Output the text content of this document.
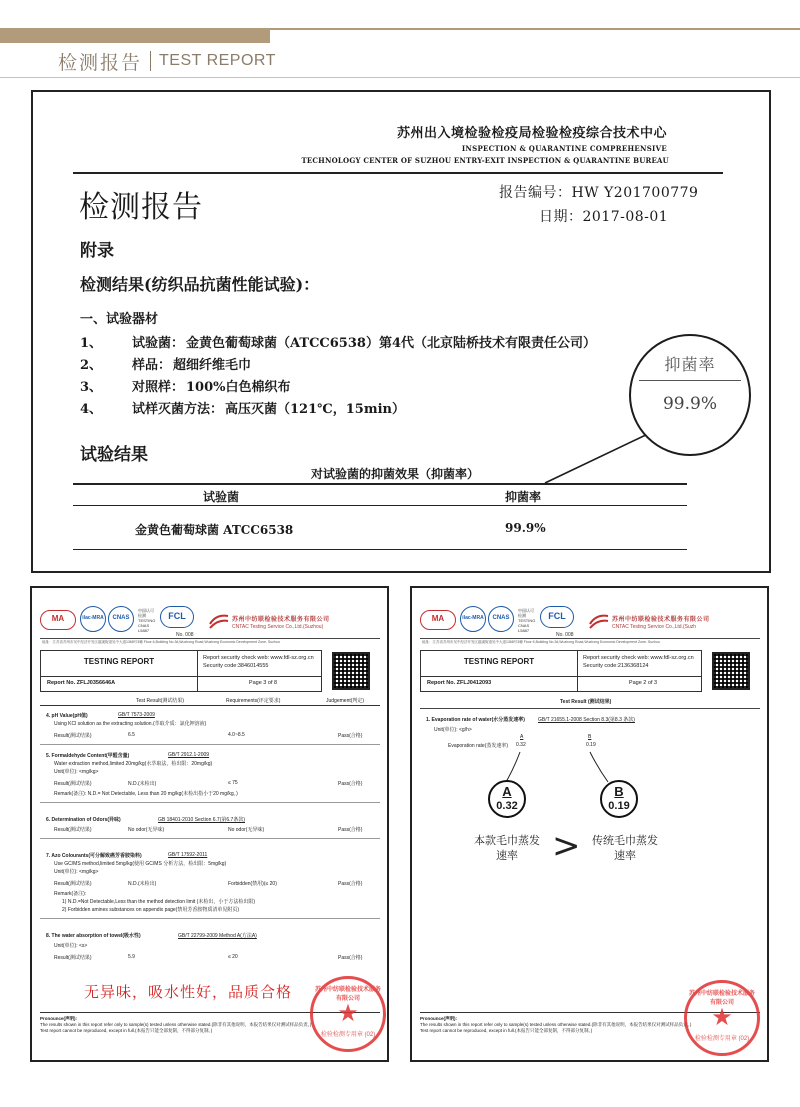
检测报告 TEST REPORT
苏州出入境检验检疫局检验检疫综合技术中心
INSPECTION & QUARANTINE COMPREHENSIVE
TECHNOLOGY CENTER OF SUZHOU ENTRY-EXIT INSPECTION & QUARANTINE BUREAU
检测报告	报告编号：HW Y201700779
日期：2017-08-01
附录
检测结果(纺织品抗菌性能试验)：
一、试验器材
1、	试验菌： 金黄色葡萄球菌（ATCC6538）第4代（北京陆桥技术有限责任公司）
2、	样品： 超细纤维毛巾
3、	对照样： 100%白色棉织布
4、	试样灭菌方法： 高压灭菌（121℃，15min）
试验结果
对试验菌的抑菌效果（抑菌率）
试验菌	抑菌率
金黄色葡萄球菌 ATCC6538	99.9%
抑菌率
99.9%
MA	ilac-MRA	CNAS
中国认可 检测 TESTING CNAS L5887
FCL
No. 008
苏州中纺联检验技术服务有限公司
CNTAC Testing Service Co.,Ltd.(Suzhou)
地址：江苏省苏州市吴中经济开发区越溪街道吴中大道1368号3幢 Floor 6,Building No.3#,Wuzhong Road,Wuzhong Economic Development Zone, Suzhou
TESTING REPORT	Report security check web: www.fdl-sz.org.cn
Security code:3846014555
Report No. ZFLJ0356646A	Page 3 of 8
Test Result(测试结果)	Requirements(评定要求)	Judgement(判定)
4. pH Value(pH值)	GB/T 7573-2009
Using KCl solution as the extracting solution.(萃取介质：氯化钾溶液)
Result(测试结果)	6.5	4.0~8.5	Pass(合格)
5. Formaldehyde Content(甲醛含量)	GB/T 2912.1-2009
Water extraction method,limited 20mg/kg(水萃取法，检出限：20mg/kg)
Unit(单位): <mg/kg>
Result(测试结果)	N.D.(未检出)	≤ 75	Pass(合格)
Remark(备注): N.D.= Not Detectable, Less than 20 mg/kg(未检出指小于20 mg/kg。)
6. Determination of Odors(异味)	GB 18401-2010 Section 6.7(第6.7条款)
Result(测试结果)	No odor(无异味)	No odor(无异味)	Pass(合格)
7. Azo Colourants(可分解致癌芳香胺染料)	GB/T 17592-2011
Use GC/MS method,limited 5mg/kg(使用 GC/MS 分析方法，检出限：5mg/kg)
Unit(单位): <mg/kg>
Result(测试结果)	N.D.(未检出)	Forbidden(禁用)(≤ 20)	Pass(合格)
Remark(备注):
1) N.D.=Not Detectable,Less than the method detection limit (未检出，小于方法检出限)
2) Forbidden amines substances on appendix page(禁用芳香胺物质清单见附页)
8. The water absorption of towel(吸水性)	GB/T 22799-2009 Method A(方法A)
Unit(单位): <s>
Result(测试结果)	5.9	≤ 20	Pass(合格)
无异味，吸水性好，品质合格
Pronounce(声明):
The results shown in this report refer only to sample(s) tested unless otherwise stated.(除非有其他说明，本报告结果仅对测试样品负责。)
Test report cannot be reproduced, except in full.(本报告只能全部复制，不得部分复制。)
苏州中纺联检验技术服务有限公司
★
检验检测专用章 (02)
MA	ilac-MRA	CNAS
中国认可 检测 TESTING CNAS L5887
FCL
No. 008
苏州中纺联检验技术服务有限公司
CNTAC Testing Service Co.,Ltd.(Suzh
地址：江苏省苏州市吴中经济开发区越溪街道吴中大道1368号3幢 Floor 6,Building No.3#,Wuzhong Road,Wuzhong Economic Development Zone, Suzhou
TESTING REPORT	Report security check web: www.fdl-sz.org.cn
Security code:2136368124
Report No. ZFLJ0412093	Page 2 of 3
Test Result (测试结果)
1. Evaporation rate of water(水分蒸发速率)	GB/T 21655.1-2008 Section 8.3(第8.3 条款)
Unit(单位): <g/h>
A	B
Evaporation rate(蒸发速率) 0.32	0.19
A
0.32
B
0.19
本款毛巾蒸发速率	> 传统毛巾蒸发速率
Pronounce(声明):
The results shown in this report refer only to sample(s) tested unless otherwise stated.(除非有其他说明，本报告结果仅对测试样品负责。)
Test report cannot be reproduced, except in full.(本报告只能全部复制，不得部分复制。)
苏州中纺联检验技术服务有限公司
★
检验检测专用章 (02)
